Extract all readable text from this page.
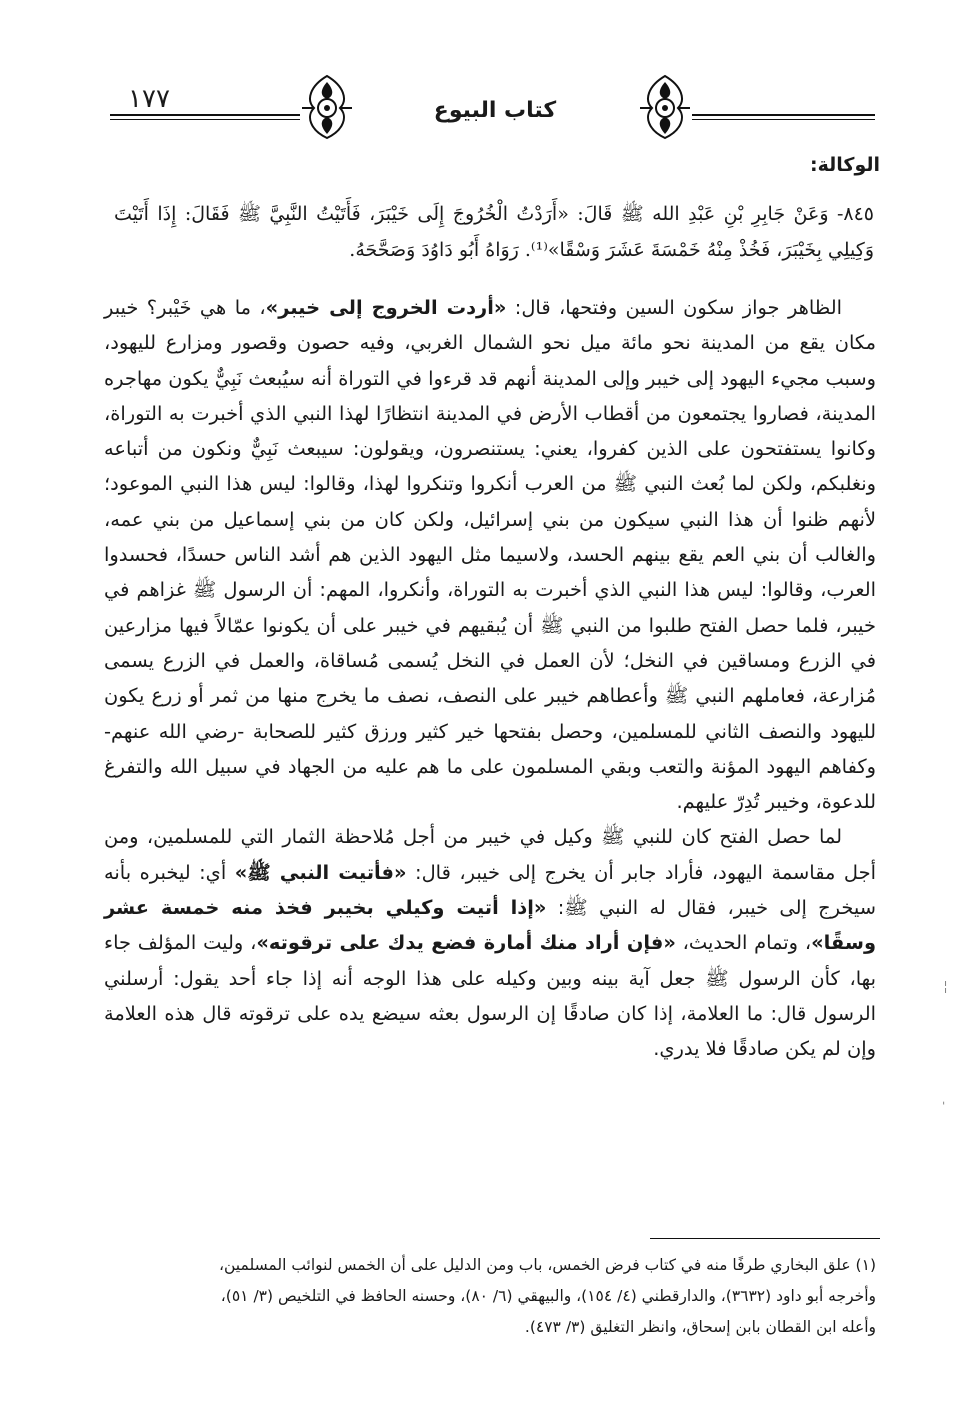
١٧٧	كتاب البيوع
الوكالة:
٨٤٥- وَعَنْ جَابِرِ بْنِ عَبْدِ الله ﷺ قَالَ: «أَرَدْتُ الْخُرُوجَ إِلَى خَيْبَرَ، فَأَتَيْتُ النَّبِيَّ ﷺ فَقَالَ: إِذَا أَتَيْتَ وَكِيلِي بِخَيْبَرَ، فَخُذْ مِنْهُ خَمْسَةَ عَشَرَ وَسْقًا»⁽¹⁾. رَوَاهُ أَبُو دَاوُدَ وَصَحَّحَهُ.

الظاهر جواز سكون السين وفتحها، قال: «أردت الخروج إلى خيبر»، ما هي خَيْبر؟ خيبر مكان يقع من المدينة نحو مائة ميل نحو الشمال الغربي، وفيه حصون وقصور ومزارع لليهود، وسبب مجيء اليهود إلى خيبر وإلى المدينة أنهم قد قرءوا في التوراة أنه سيُبعث نَبِيٌّ يكون مهاجره المدينة، فصاروا يجتمعون من أقطاب الأرض في المدينة انتظارًا لهذا النبي الذي أخبرت به التوراة، وكانوا يستفتحون على الذين كفروا، يعني: يستنصرون، ويقولون: سيبعث نَبِيٌّ ونكون من أتباعه ونغلبكم، ولكن لما بُعث النبي ﷺ من العرب أنكروا وتنكروا لهذا، وقالوا: ليس هذا النبي الموعود؛ لأنهم ظنوا أن هذا النبي سيكون من بني إسرائيل، ولكن كان من بني إسماعيل من بني عمه، والغالب أن بني العم يقع بينهم الحسد، ولاسيما مثل اليهود الذين هم أشد الناس حسدًا، فحسدوا العرب، وقالوا: ليس هذا النبي الذي أخبرت به التوراة، وأنكروا، المهم: أن الرسول ﷺ غزاهم في خيبر، فلما حصل الفتح طلبوا من النبي ﷺ أن يُبقيهم في خيبر على أن يكونوا عمّالاً فيها مزارعين في الزرع ومساقين في النخل؛ لأن العمل في النخل يُسمى مُساقاة، والعمل في الزرع يسمى مُزارعة، فعاملهم النبي ﷺ وأعطاهم خيبر على النصف، نصف ما يخرج منها من ثمر أو زرع يكون لليهود والنصف الثاني للمسلمين، وحصل بفتحها خير كثير ورزق كثير للصحابة -رضي الله عنهم- وكفاهم اليهود المؤنة والتعب وبقي المسلمون على ما هم عليه من الجهاد في سبيل الله والتفرغ للدعوة، وخيبر تُدِرّ عليهم.

لما حصل الفتح كان للنبي ﷺ وكيل في خيبر من أجل مُلاحظة الثمار التي للمسلمين، ومن أجل مقاسمة اليهود، فأراد جابر أن يخرج إلى خيبر، قال: «فأتيت النبي ﷺ» أي: ليخبره بأنه سيخرج إلى خيبر، فقال له النبي ﷺ: «إذا أتيت وكيلي بخيبر فخذ منه خمسة عشر وسقًا»، وتمام الحديث، «فإن أراد منك أمارة فضع يدك على ترقوته»، وليت المؤلف جاء بها، كأن الرسول ﷺ جعل آية بينه وبين وكيله على هذا الوجه أنه إذا جاء أحد يقول: أرسلني الرسول قال: ما العلامة، إذا كان صادقًا إن الرسول بعثه سيضع يده على ترقوته قال هذه العلامة وإن لم يكن صادقًا فلا يدري.

(١) علق البخاري طرفًا منه في كتاب فرض الخمس، باب ومن الدليل على أن الخمس لنوائب المسلمين،

وأخرجه أبو داود (٣٦٣٢)، والدارقطني (٤/ ١٥٤)، والبيهقي (٦/ ٨٠)، وحسنه الحافظ في التلخيص (٣/ ٥١)،

وأعله ابن القطان بابن إسحاق، وانظر التغليق (٣/ ٤٧٣).

╎
ˈ
